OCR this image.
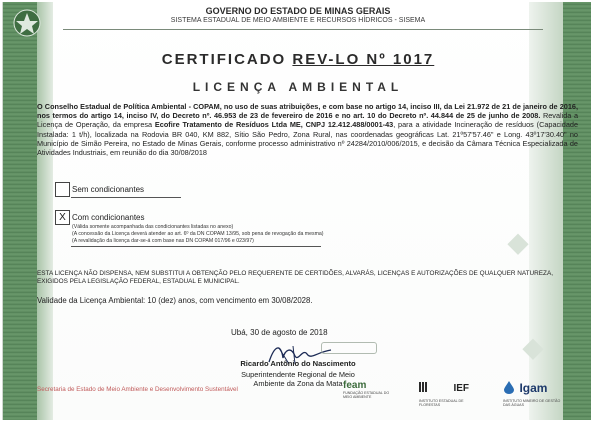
◆
◆
GOVERNO DO ESTADO DE MINAS GERAIS
SISTEMA ESTADUAL DE MEIO AMBIENTE E RECURSOS HÍDRICOS - SISEMA
CERTIFICADO REV-LO Nº 1017
LICENÇA AMBIENTAL
O Conselho Estadual de Política Ambiental - COPAM, no uso de suas atribuições, e com base no artigo 14, inciso III, da Lei 21.972 de 21 de janeiro de 2016, nos termos do artigo 14, inciso IV, do Decreto nº. 46.953 de 23 de fevereiro de 2016 e no art. 10 do Decreto nº. 44.844 de 25 de junho de 2008. Revalida a Licença de Operação, da empresa Ecofire Tratamento de Resíduos Ltda ME, CNPJ 12.412.488/0001-43, para a atividade Incineração de resíduos (Capacidade Instalada: 1 t/h), localizada na Rodovia BR 040, KM 882, Sítio São Pedro, Zona Rural, nas coordenadas geográficas Lat. 21º57'57.46" e Long. 43º17'30.40" no Município de Simão Pereira, no Estado de Minas Gerais, conforme processo administrativo nº 24284/2010/006/2015, e decisão da Câmara Técnica Especializada de Atividades Industriais, em reunião do dia 30/08/2018
Sem condicionantes
X Com condicionantes
(Válida somente acompanhada das condicionantes listadas no anexo)
(A concessão da Licença deverá atender ao art. 6º da DN COPAM 13/95, sob pena de revogação da mesma)
(A revalidação da licença dar-se-á com base nas DN COPAM 017/96 e 023/97)
ESTA LICENÇA NÃO DISPENSA, NEM SUBSTITUI A OBTENÇÃO PELO REQUERENTE DE CERTIDÕES, ALVARÁS, LICENÇAS E AUTORIZAÇÕES DE QUALQUER NATUREZA, EXIGIDOS PELA LEGISLAÇÃO FEDERAL, ESTADUAL E MUNICIPAL.
Validade da Licença Ambiental: 10 (dez) anos, com vencimento em 30/08/2028.
Ubá, 30 de agosto de 2018
Ricardo Antônio do Nascimento
Superintendente Regional de Meio
Ambiente da Zona da Mata
Secretaria de Estado de Meio Ambiente e Desenvolvimento Sustentável	feam
FUNDAÇÃO ESTADUAL DO MEIO AMBIENTE
IEF
INSTITUTO ESTADUAL DE FLORESTAS
Igam
INSTITUTO MINEIRO DE GESTÃO DAS ÁGUAS
